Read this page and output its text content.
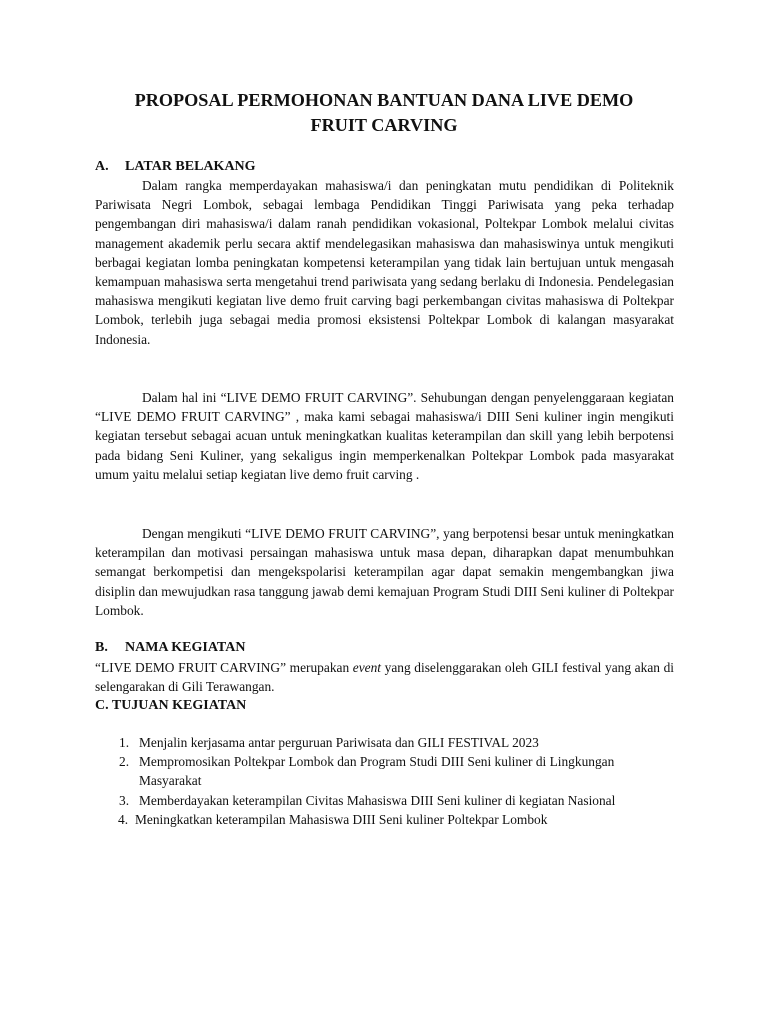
PROPOSAL PERMOHONAN BANTUAN DANA LIVE DEMO
FRUIT CARVING
A. LATAR BELAKANG

Dalam rangka memperdayakan mahasiswa/i dan peningkatan mutu pendidikan di Politeknik Pariwisata Negri Lombok, sebagai lembaga Pendidikan Tinggi Pariwisata yang peka terhadap pengembangan diri mahasiswa/i dalam ranah pendidikan vokasional, Poltekpar Lombok melalui civitas management akademik perlu secara aktif mendelegasikan mahasiswa dan mahasiswinya untuk mengikuti berbagai kegiatan lomba peningkatan kompetensi keterampilan yang tidak lain bertujuan untuk mengasah kemampuan mahasiswa serta mengetahui trend pariwisata yang sedang berlaku di Indonesia. Pendelegasian mahasiswa mengikuti kegiatan live demo fruit carving bagi perkembangan civitas mahasiswa di Poltekpar Lombok, terlebih juga sebagai media promosi eksistensi Poltekpar Lombok di kalangan masyarakat Indonesia.

Dalam hal ini “LIVE DEMO FRUIT CARVING”. Sehubungan dengan penyelenggaraan kegiatan “LIVE DEMO FRUIT CARVING” , maka kami sebagai mahasiswa/i DIII Seni kuliner ingin mengikuti kegiatan tersebut sebagai acuan untuk meningkatkan kualitas keterampilan dan skill yang lebih berpotensi pada bidang Seni Kuliner, yang sekaligus ingin memperkenalkan Poltekpar Lombok pada masyarakat umum yaitu melalui setiap kegiatan live demo fruit carving .

Dengan mengikuti “LIVE DEMO FRUIT CARVING”, yang berpotensi besar untuk meningkatkan keterampilan dan motivasi persaingan mahasiswa untuk masa depan, diharapkan dapat menumbuhkan semangat berkompetisi dan mengekspolarisi keterampilan agar dapat semakin mengembangkan jiwa disiplin dan mewujudkan rasa tanggung jawab demi kemajuan Program Studi DIII Seni kuliner di Poltekpar Lombok.

B. NAMA KEGIATAN

“LIVE DEMO FRUIT CARVING” merupakan event yang diselenggarakan oleh GILI festival yang akan di selengarakan di Gili Terawangan.

C. TUJUAN KEGIATAN
1. Menjalin kerjasama antar perguruan Pariwisata dan GILI FESTIVAL 2023
2. Mempromosikan Poltekpar Lombok dan Program Studi DIII Seni kuliner di Lingkungan Masyarakat
3. Memberdayakan keterampilan Civitas Mahasiswa DIII Seni kuliner di kegiatan Nasional
4. Meningkatkan keterampilan Mahasiswa DIII Seni kuliner Poltekpar Lombok
